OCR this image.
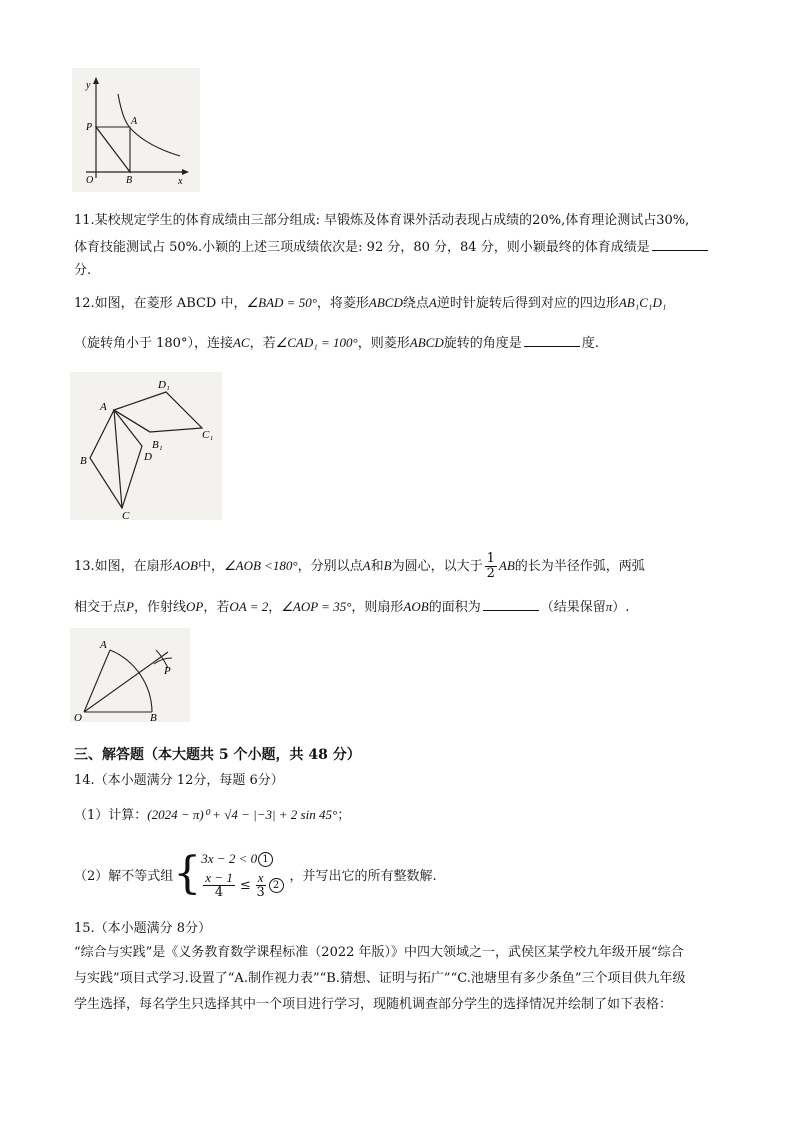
y
x
O	B
P
A
11.某校规定学生的体育成绩由三部分组成: 早锻炼及体育课外活动表现占成绩的20%,体育理论测试占30%,
体育技能测试占 50%.小颖的上述三项成绩依次是: 92 分，80 分，84 分，则小颖最终的体育成绩是
分.
12.如图，在菱形 ABCD 中，∠BAD = 50°，将菱形ABCD绕点A逆时针旋转后得到对应的四边形AB₁C₁D₁
（旋转角小于 180°），连接AC，若∠CAD₁ = 100°，则菱形ABCD旋转的角度是	度.
A
B
C
D
B₁
C₁
D₁
13.如图，在扇形AOB中，∠AOB <180°，分别以点A和B为圆心，以大于 $\frac{1}{2}$ AB的长为半径作弧，两弧
相交于点P，作射线OP，若OA = 2，∠AOP = 35°，则扇形AOB的面积为	（结果保留π）.
A
O	B
P
三、解答题（本大题共 5 个小题，共 48 分）
14.（本小题满分 12分，每题 6分）
（1）计算：(2024 − π)⁰ + √4 − |−3| + 2 sin 45°；
（2）解不等式组 { 3x − 2 < 0 1
$\frac{x - 1}{4} \le \frac{x}{3} 2$
，并写出它的所有整数解.
15.（本小题满分 8分）
“综合与实践”是《义务教育数学课程标准（2022 年版）》中四大领域之一，武侯区某学校九年级开展“综合
与实践”项目式学习.设置了“A.制作视力表”“B.猜想、证明与拓广”“C.池塘里有多少条鱼”三个项目供九年级
学生选择，每名学生只选择其中一个项目进行学习，现随机调查部分学生的选择情况并绘制了如下表格：
